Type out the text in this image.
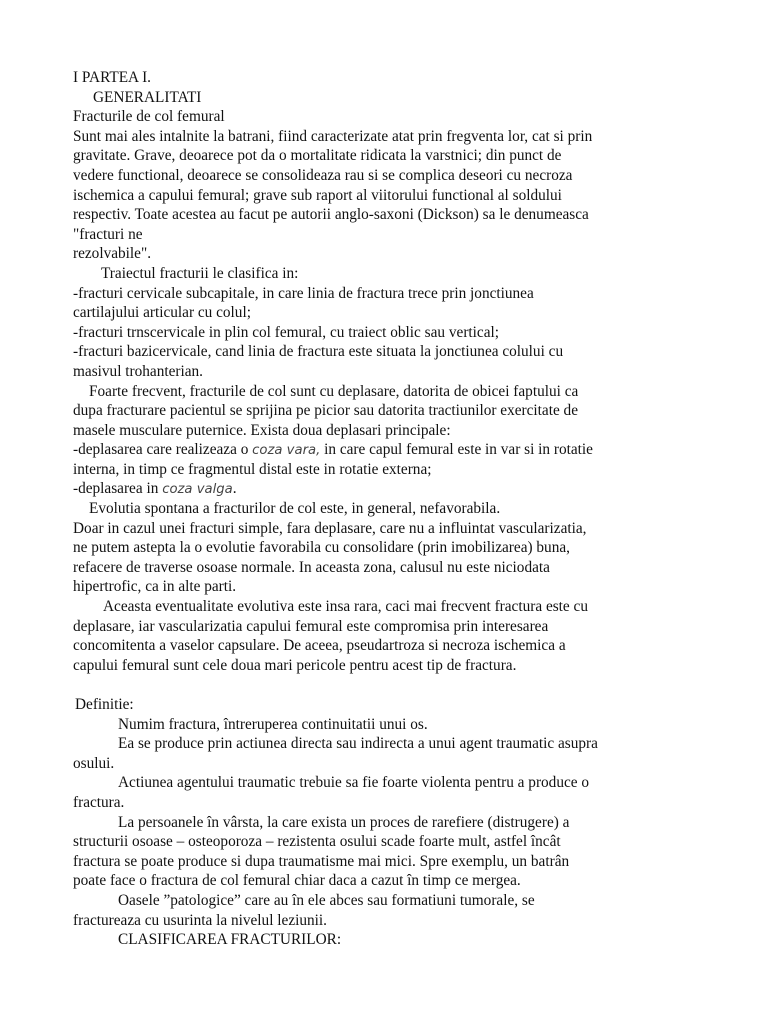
I PARTEA I.
GENERALITATI
Fracturile de col femural
Sunt mai ales intalnite la batrani, fiind caracterizate atat prin fregventa lor, cat si prin
gravitate. Grave, deoarece pot da o mortalitate ridicata la varstnici; din punct de
vedere functional, deoarece se consolideaza rau si se complica deseori cu necroza
ischemica a capului femural; grave sub raport al viitorului functional al soldului
respectiv. Toate acestea au facut pe autorii anglo-saxoni (Dickson) sa le denumeasca
"fracturi ne
rezolvabile".
Traiectul fracturii le clasifica in:
-fracturi cervicale subcapitale, in care linia de fractura trece prin jonctiunea
cartilajului articular cu colul;
-fracturi trnscervicale in plin col femural, cu traiect oblic sau vertical;
-fracturi bazicervicale, cand linia de fractura este situata la jonctiunea colului cu
masivul trohanterian.
Foarte frecvent, fracturile de col sunt cu deplasare, datorita de obicei faptului ca
dupa fracturare pacientul se sprijina pe picior sau datorita tractiunilor exercitate de
masele musculare puternice. Exista doua deplasari principale:
-deplasarea care realizeaza o coza vara, in care capul femural este in var si in rotatie
interna, in timp ce fragmentul distal este in rotatie externa;
-deplasarea in coza valga.
Evolutia spontana a fracturilor de col este, in general, nefavorabila.
Doar in cazul unei fracturi simple, fara deplasare, care nu a influintat vascularizatia,
ne putem astepta la o evolutie favorabila cu consolidare (prin imobilizarea) buna,
refacere de traverse osoase normale. In aceasta zona, calusul nu este niciodata
hipertrofic, ca in alte parti.
Aceasta eventualitate evolutiva este insa rara, caci mai frecvent fractura este cu
deplasare, iar vascularizatia capului femural este compromisa prin interesarea
concomitenta a vaselor capsulare. De aceea, pseudartroza si necroza ischemica a
capului femural sunt cele doua mari pericole pentru acest tip de fractura.
Definitie:
Numim fractura, întreruperea continuitatii unui os.
Ea se produce prin actiunea directa sau indirecta a unui agent traumatic asupra
osului.
Actiunea agentului traumatic trebuie sa fie foarte violenta pentru a produce o
fractura.
La persoanele în vârsta, la care exista un proces de rarefiere (distrugere) a
structurii osoase – osteoporoza – rezistenta osului scade foarte mult, astfel încât
fractura se poate produce si dupa traumatisme mai mici. Spre exemplu, un batrân
poate face o fractura de col femural chiar daca a cazut în timp ce mergea.
Oasele ”patologice” care au în ele abces sau formatiuni tumorale, se
fractureaza cu usurinta la nivelul leziunii.
CLASIFICAREA FRACTURILOR:
